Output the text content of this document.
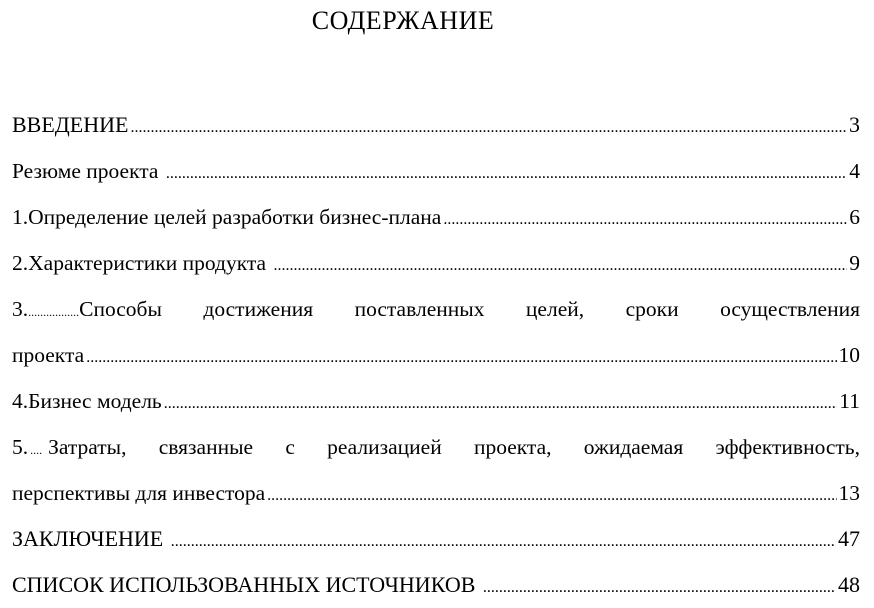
СОДЕРЖАНИЕ
ВВЕДЕНИЕ .....	3
Резюме проекта .....	4
1.Определение целей разработки бизнес-плана .....	6
2.Характеристики продукта .....	9
3..................Способы достижения поставленных целей, сроки осуществления
проекта .....	10
4.Бизнес модель .....	11
5. .... Затраты, связанные с реализацией проекта, ожидаемая эффективность,
перспективы для инвестора .....	13
ЗАКЛЮЧЕНИЕ .....	47
СПИСОК ИСПОЛЬЗОВАННЫХ ИСТОЧНИКОВ .....	48
